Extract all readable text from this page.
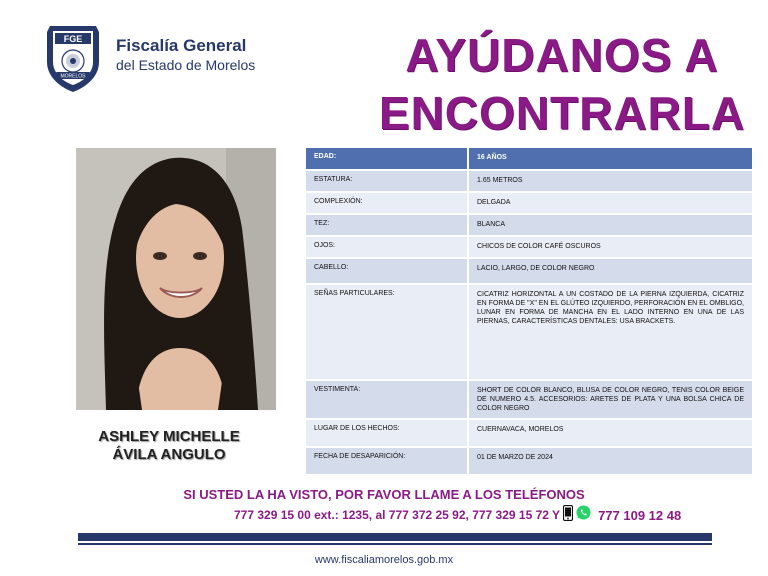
FGE
MORELOS
Fiscalía General
del Estado de Morelos	AYÚDANOS A
ENCONTRARLA
ASHLEY MICHELLE
ÁVILA ANGULO
EDAD:	16 AÑOS
ESTATURA:	1.65 METROS
COMPLEXIÓN:	DELGADA
TEZ:	BLANCA
OJOS:	CHICOS DE COLOR CAFÉ OSCUROS
CABELLO:	LACIO, LARGO, DE COLOR NEGRO
SEÑAS PARTICULARES:	CICATRIZ HORIZONTAL A UN COSTADO DE LA PIERNA IZQUIERDA, CICATRIZ EN FORMA DE "X" EN EL GLÚTEO IZQUIERDO, PERFORACIÓN EN EL OMBLIGO, LUNAR EN FORMA DE MANCHA EN EL LADO INTERNO EN UNA DE LAS PIERNAS, CARACTERÍSTICAS DENTALES: USA BRACKETS.
VESTIMENTA:	SHORT DE COLOR BLANCO, BLUSA DE COLOR NEGRO, TENIS COLOR BEIGE DE NUMERO 4.5. ACCESORIOS: ARETES DE PLATA Y UNA BOLSA CHICA DE COLOR NEGRO
LUGAR DE LOS HECHOS:	CUERNAVACA, MORELOS
FECHA DE DESAPARICIÓN:	01 DE MARZO DE 2024
SI USTED LA HA VISTO, POR FAVOR LLAME A LOS TELÉFONOS
777 329 15 00 ext.: 1235, al 777 372 25 92, 777 329 15 72 Y	777 109 12 48
www.fiscaliamorelos.gob.mx
